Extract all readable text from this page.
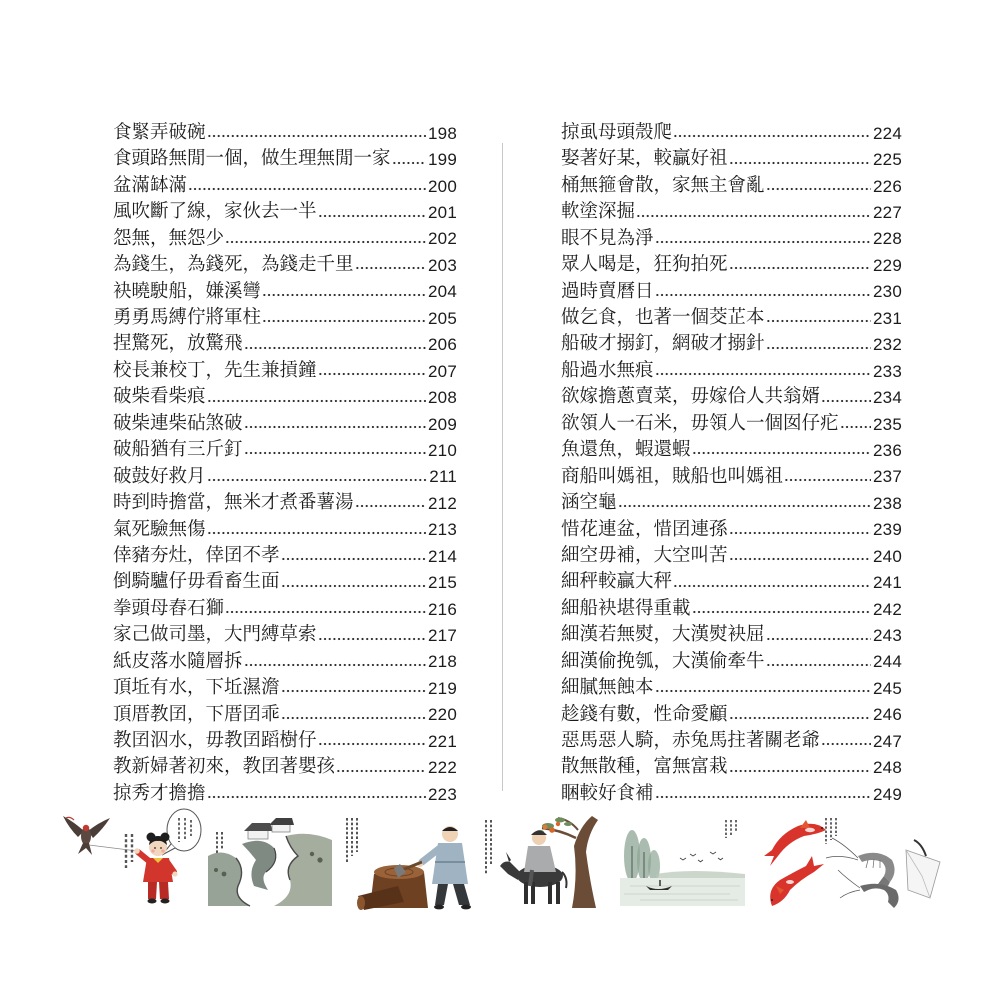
食緊弄破碗	198
食頭路無閒一個，做生理無閒一家 199
盆滿缽滿	200
風吹斷了線，家伙去一半	201
怨無，無怨少	202
為錢生，為錢死，為錢走千里	203
袂曉駛船，嫌溪彎	204
勇勇馬縛佇將軍柱	205
捏驚死，放驚飛	206
校長兼校丁，先生兼摃鐘	207
破柴看柴痕	208
破柴連柴砧煞破	209
破船猶有三斤釘	210
破鼓好救月	211
時到時擔當，無米才煮番薯湯	212
氣死驗無傷	213
倖豬夯灶，倖囝不孝	214
倒騎驢仔毋看畜生面	215
拳頭母舂石獅	216
家己做司墨，大門縛草索	217
紙皮落水隨層拆	218
頂坵有水，下坵濕澹	219
頂厝教囝，下厝囝乖	220
教囝泅水，毋教囝蹈樹仔	221
教新婦著初來，教囝著嬰孩	222
掠秀才擔擔	223
掠虱母頭殼爬	224
娶著好某，較贏好祖	225
桶無箍會散，家無主會亂	226
軟塗深掘	227
眼不見為淨	228
眾人喝是，狂狗拍死	229
過時賣曆日	230
做乞食，也著一個茭芷本	231
船破才搦釘，網破才搦針	232
船過水無痕	233
欲嫁擔蔥賣菜，毋嫁佮人共翁婿	234
欲領人一石米，毋領人一個囡仔疕 235
魚還魚，蝦還蝦	236
商船叫媽祖，賊船也叫媽祖	237
涵空龜	238
惜花連盆，惜囝連孫	239
細空毋補，大空叫苦	240
細秤較贏大秤	241
細船袂堪得重載	242
細漢若無熨，大漢熨袂屈	243
細漢偷挽瓠，大漢偷牽牛	244
細膩無蝕本	245
趁錢有數，性命愛顧	246
惡馬惡人騎，赤兔馬拄著關老爺	247
散無散種，富無富栽	248
睏較好食補	249
